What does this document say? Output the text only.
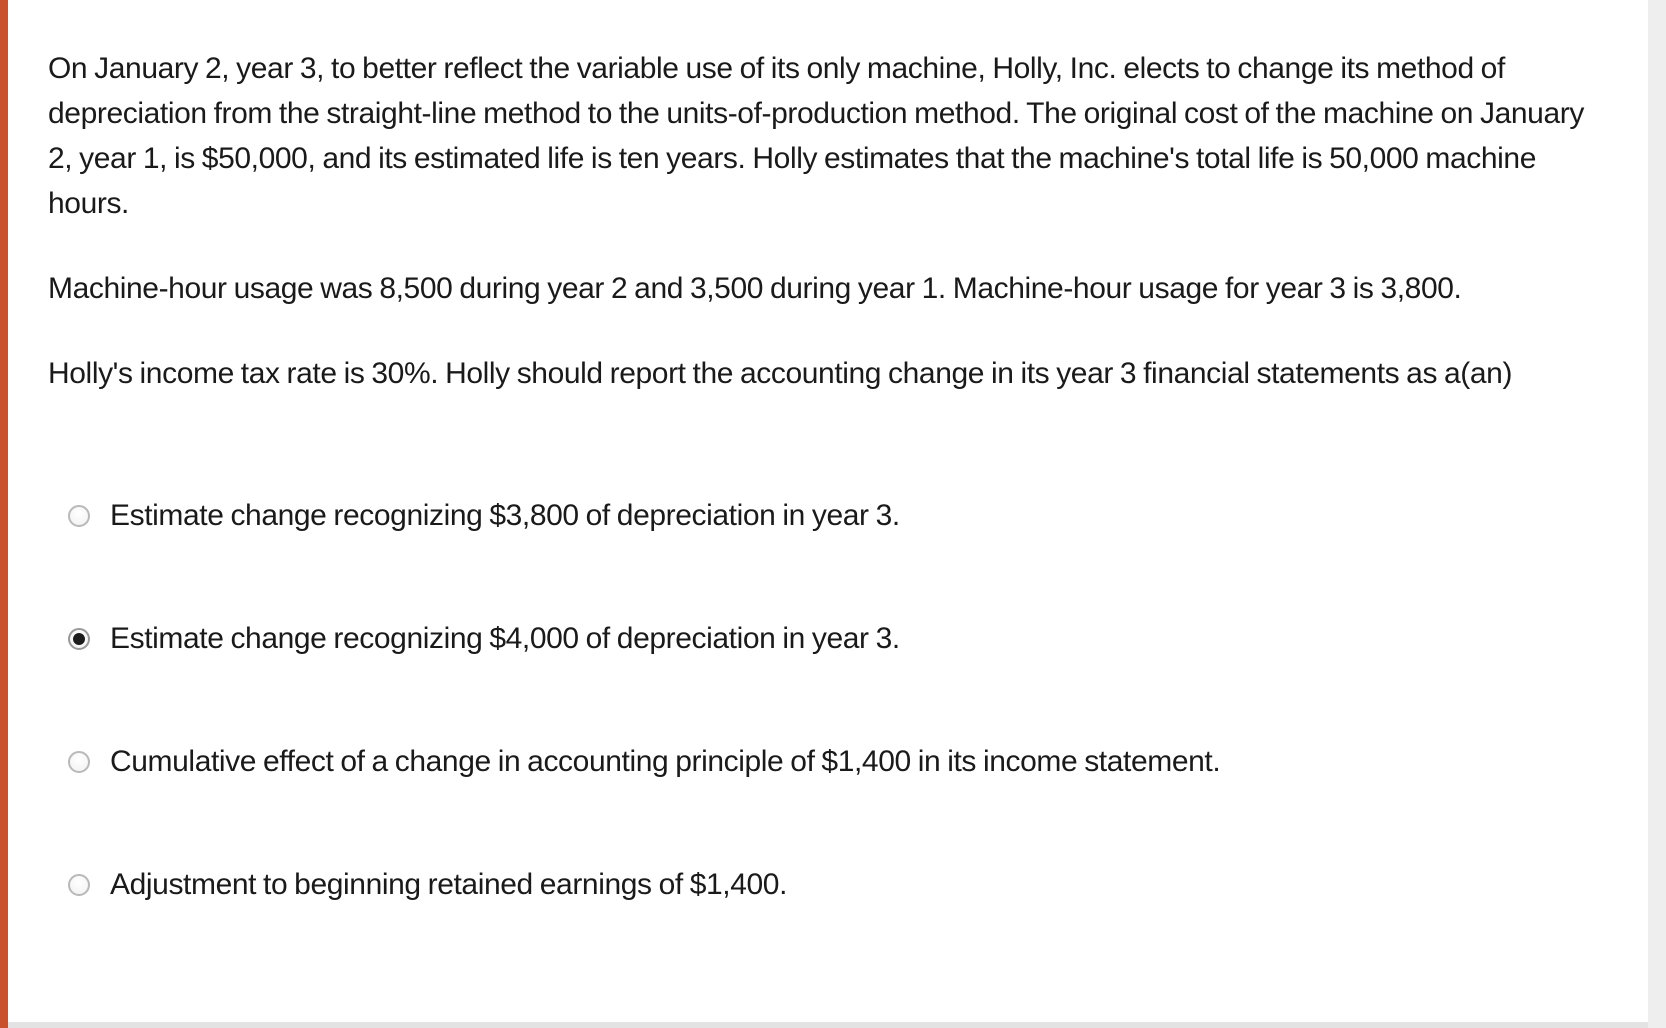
On January 2, year 3, to better reflect the variable use of its only machine, Holly, Inc. elects to change its method of depreciation from the straight-line method to the units-of-production method. The original cost of the machine on January 2, year 1, is $50,000, and its estimated life is ten years. Holly estimates that the machine's total life is 50,000 machine hours.

Machine-hour usage was 8,500 during year 2 and 3,500 during year 1. Machine-hour usage for year 3 is 3,800.

Holly's income tax rate is 30%. Holly should report the accounting change in its year 3 financial statements as a(an)

Estimate change recognizing $3,800 of depreciation in year 3.
Estimate change recognizing $4,000 of depreciation in year 3.
Cumulative effect of a change in accounting principle of $1,400 in its income statement.
Adjustment to beginning retained earnings of $1,400.
